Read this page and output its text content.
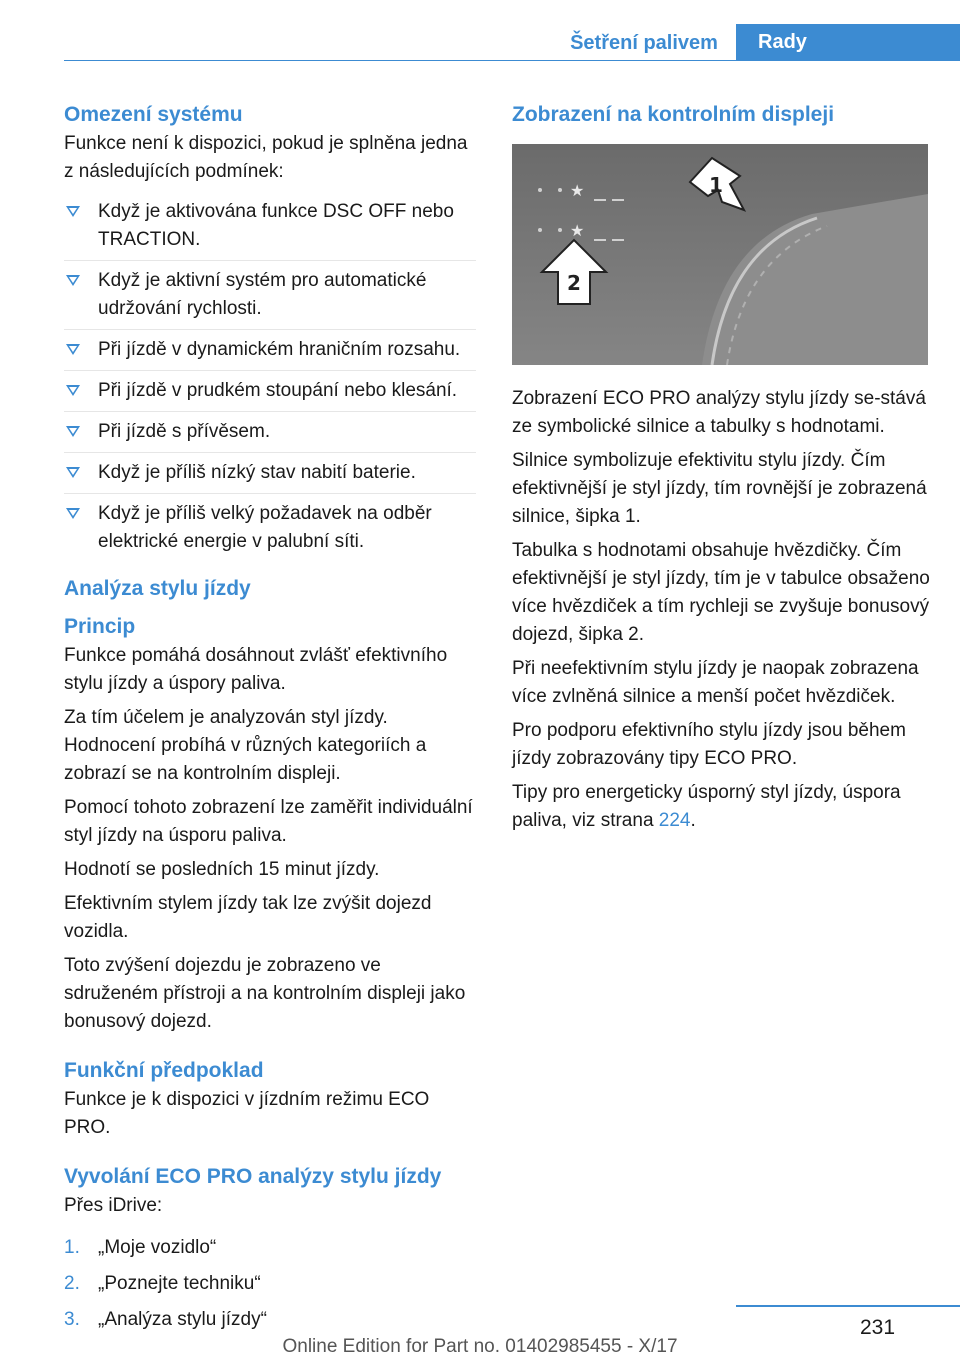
Šetření palivem	Rady
Omezení systému

Funkce není k dispozici, pokud je splněna jedna z následujících podmínek:

Když je aktivována funkce DSC OFF nebo TRACTION.
Když je aktivní systém pro automatické udržování rychlosti.
Při jízdě v dynamickém hraničním rozsahu.
Při jízdě v prudkém stoupání nebo klesání.
Při jízdě s přívěsem.
Když je příliš nízký stav nabití baterie.
Když je příliš velký požadavek na odběr elektrické energie v palubní síti.
Analýza stylu jízdy
Princip

Funkce pomáhá dosáhnout zvlášť efektivního stylu jízdy a úspory paliva.

Za tím účelem je analyzován styl jízdy. Hodnocení probíhá v různých kategoriích a zobrazí se na kontrolním displeji.

Pomocí tohoto zobrazení lze zaměřit individuální styl jízdy na úsporu paliva.

Hodnotí se posledních 15 minut jízdy.

Efektivním stylem jízdy tak lze zvýšit dojezd vozidla.

Toto zvýšení dojezdu je zobrazeno ve sdruženém přístroji a na kontrolním displeji jako bonusový dojezd.

Funkční předpoklad

Funkce je k dispozici v jízdním režimu ECO PRO.

Vyvolání ECO PRO analýzy stylu jízdy

Přes iDrive:

1. „Moje vozidlo“
2. „Poznejte techniku“
3. „Analýza stylu jízdy“
Zobrazení na kontrolním displeji
★
★
1
2

Zobrazení ECO PRO analýzy stylu jízdy se-stává ze symbolické silnice a tabulky s hodnotami.

Silnice symbolizuje efektivitu stylu jízdy. Čím efektivnější je styl jízdy, tím rovnější je zobrazená silnice, šipka 1.

Tabulka s hodnotami obsahuje hvězdičky. Čím efektivnější je styl jízdy, tím je v tabulce obsaženo více hvězdiček a tím rychleji se zvyšuje bonusový dojezd, šipka 2.

Při neefektivním stylu jízdy je naopak zobrazena více zvlněná silnice a menší počet hvězdiček.

Pro podporu efektivního stylu jízdy jsou během jízdy zobrazovány tipy ECO PRO.

Tipy pro energeticky úsporný styl jízdy, úspora paliva, viz strana 224.

231
Online Edition for Part no. 01402985455 - X/17
